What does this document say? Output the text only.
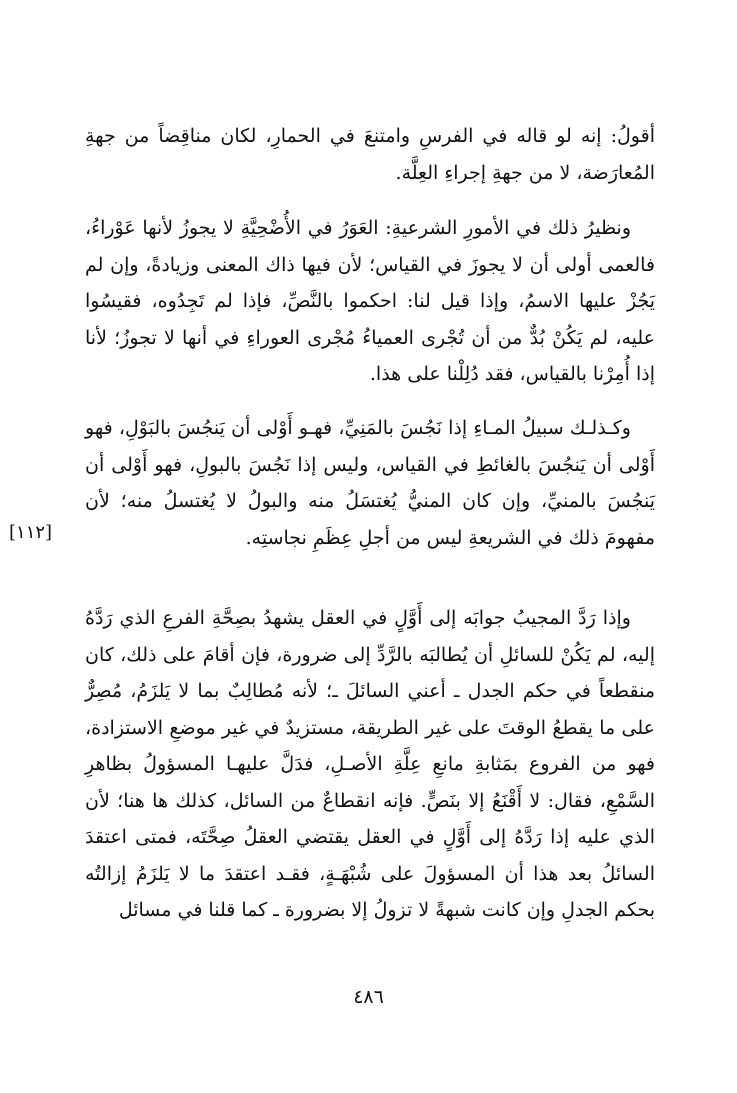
أقولُ: إنه لو قاله في الفرسِ وامتنعَ في الحمارِ، لكان مناقِضاً من جهةِ المُعارَضة، لا من جهةِ إجراءِ العِلَّة.

ونظيرُ ذلك في الأمورِ الشرعيةِ: العَوَرُ في الأُضْحِيَّةِ لا يجوزُ لأنها عَوْراءُ، فالعمى أولى أن لا يجوزَ في القياس؛ لأن فيها ذاك المعنى وزيادةً، وإن لم يَجُزْ عليها الاسمُ، وإذا قيل لنا: احكموا بالنَّصِّ، فإذا لم تَجِدُوه، فقيسُوا عليه، لم يَكُنْ بُدٌّ من أن تُجْرى العمياءُ مُجْرى العوراءِ في أنها لا تجوزُ؛ لأنا إذا أُمِرْنا بالقياس، فقد دُلِلْنا على هذا.

وكـذلـك سبيلُ المـاءِ إذا نَجُسَ بالمَنِيِّ، فهـو أَوْلى أن يَنجُسَ بالبَوْلِ، فهو أَوْلى أن يَنجُسَ بالغائطِ في القياس، وليس إذا نَجُسَ بالبولِ، فهو أَوْلى أن يَنجُسَ بالمنيِّ، وإن كان المنيُّ يُغتسَلُ منه والبولُ لا يُغتسلُ منه؛ لأن مفهومَ ذلك في الشريعةِ ليس من أجلِ عِظَمِ نجاستِه.

[١١٢]

وإذا رَدَّ المجيبُ جوابَه إلى أَوَّلٍ في العقل يشهدُ بصِحَّةِ الفرعِ الذي رَدَّهُ إليه، لم يَكُنْ للسائلِ أن يُطالبَه بالرَّدِّ إلى ضرورة، فإن أقامَ على ذلك، كان منقطعاً في حكم الجدل ـ أعني السائلَ ـ؛ لأنه مُطالِبٌ بما لا يَلزَمُ، مُصِرٌّ على ما يقطعُ الوقتَ على غير الطريقة، مستزيدٌ في غير موضعِ الاستزادة، فهو من الفروع بمَثابةِ مانعِ عِلَّةِ الأصـلِ، فدَلَّ عليهـا المسؤولُ بظاهرِ السَّمْعِ، فقال: لا أَقْنَعُ إلا بنَصٍّ. فإنه انقطاعٌ من السائل، كذلك ها هنا؛ لأن الذي عليه إذا رَدَّهُ إلى أَوَّلٍ في العقل يقتضي العقلُ صِحَّتَه، فمتى اعتقدَ السائلُ بعد هذا أن المسؤولَ على شُبْهَـةٍ، فقـد اعتقدَ ما لا يَلزَمُ إزالتُه بحكم الجدلِ وإن كانت شبهةً لا تزولُ إلا بضرورة ـ كما قلنا في مسائل

٤٨٦
